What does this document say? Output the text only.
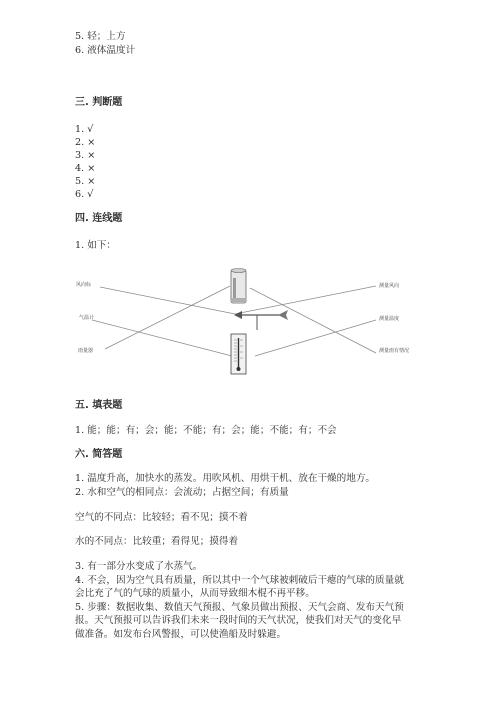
5. 轻；上方
6. 液体温度计
三. 判断题
1. √
2. ×
3. ×
4. ×
5. ×
6. √
四. 连线题
1. 如下：
风向标
气温计
雨量器
测量风向
测量温度
测量雨有情况
五. 填表题
1. 能；能；有；会；能；不能；有；会；能；不能；有；不会
六. 简答题
1. 温度升高，加快水的蒸发。用吹风机、用烘干机、放在干燥的地方。
2. 水和空气的相同点：会流动；占据空间；有质量
空气的不同点：比较轻；看不见；摸不着
水的不同点：比较重；看得见；摸得着
3. 有一部分水变成了水蒸气。
4. 不会，因为空气具有质量，所以其中一个气球被刺破后干瘪的气球的质量就
会比充了气的气球的质量小，从而导致细木棍不再平移。
5. 步骤：数据收集、数值天气预报、气象员做出预报、天气会商、发布天气预
报。天气预报可以告诉我们未来一段时间的天气状况，使我们对天气的变化早
做准备。如发布台风警报，可以使渔船及时躲避。
